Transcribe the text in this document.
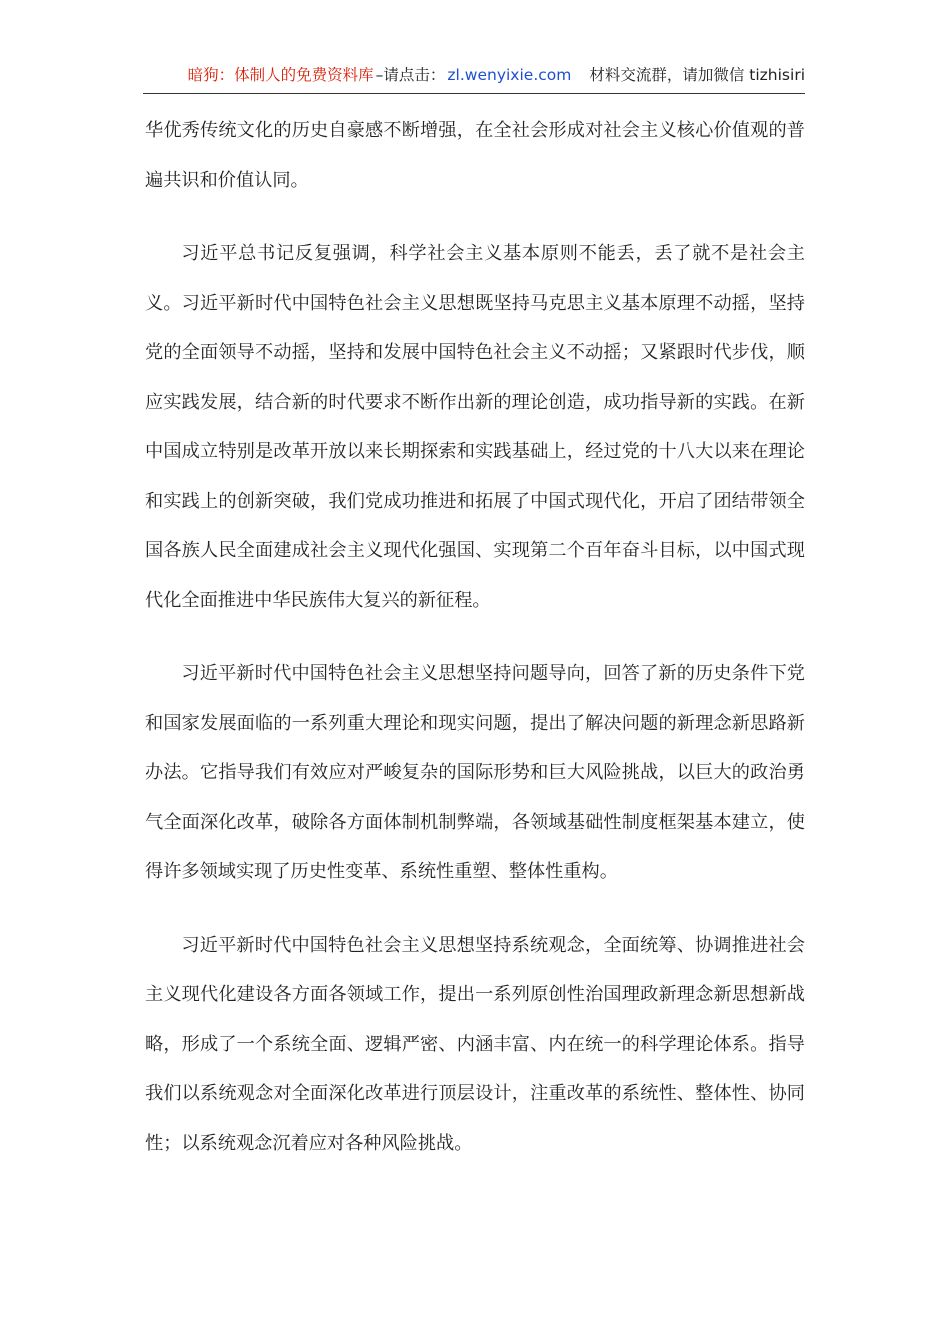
暗狗：体制人的免费资料库 –请点击： zl.wenyixie.com 材料交流群，请加微信 tizhisiri

华优秀传统文化的历史自豪感不断增强，在全社会形成对社会主义核心价值观的普遍共识和价值认同。

习近平总书记反复强调，科学社会主义基本原则不能丢，丢了就不是社会主义。习近平新时代中国特色社会主义思想既坚持马克思主义基本原理不动摇，坚持党的全面领导不动摇，坚持和发展中国特色社会主义不动摇；又紧跟时代步伐，顺应实践发展，结合新的时代要求不断作出新的理论创造，成功指导新的实践。在新中国成立特别是改革开放以来长期探索和实践基础上，经过党的十八大以来在理论和实践上的创新突破，我们党成功推进和拓展了中国式现代化，开启了团结带领全国各族人民全面建成社会主义现代化强国、实现第二个百年奋斗目标，以中国式现代化全面推进中华民族伟大复兴的新征程。

习近平新时代中国特色社会主义思想坚持问题导向，回答了新的历史条件下党和国家发展面临的一系列重大理论和现实问题，提出了解决问题的新理念新思路新办法。它指导我们有效应对严峻复杂的国际形势和巨大风险挑战，以巨大的政治勇气全面深化改革，破除各方面体制机制弊端，各领域基础性制度框架基本建立，使得许多领域实现了历史性变革、系统性重塑、整体性重构。

习近平新时代中国特色社会主义思想坚持系统观念，全面统筹、协调推进社会主义现代化建设各方面各领域工作，提出一系列原创性治国理政新理念新思想新战略，形成了一个系统全面、逻辑严密、内涵丰富、内在统一的科学理论体系。指导我们以系统观念对全面深化改革进行顶层设计，注重改革的系统性、整体性、协同性；以系统观念沉着应对各种风险挑战。
